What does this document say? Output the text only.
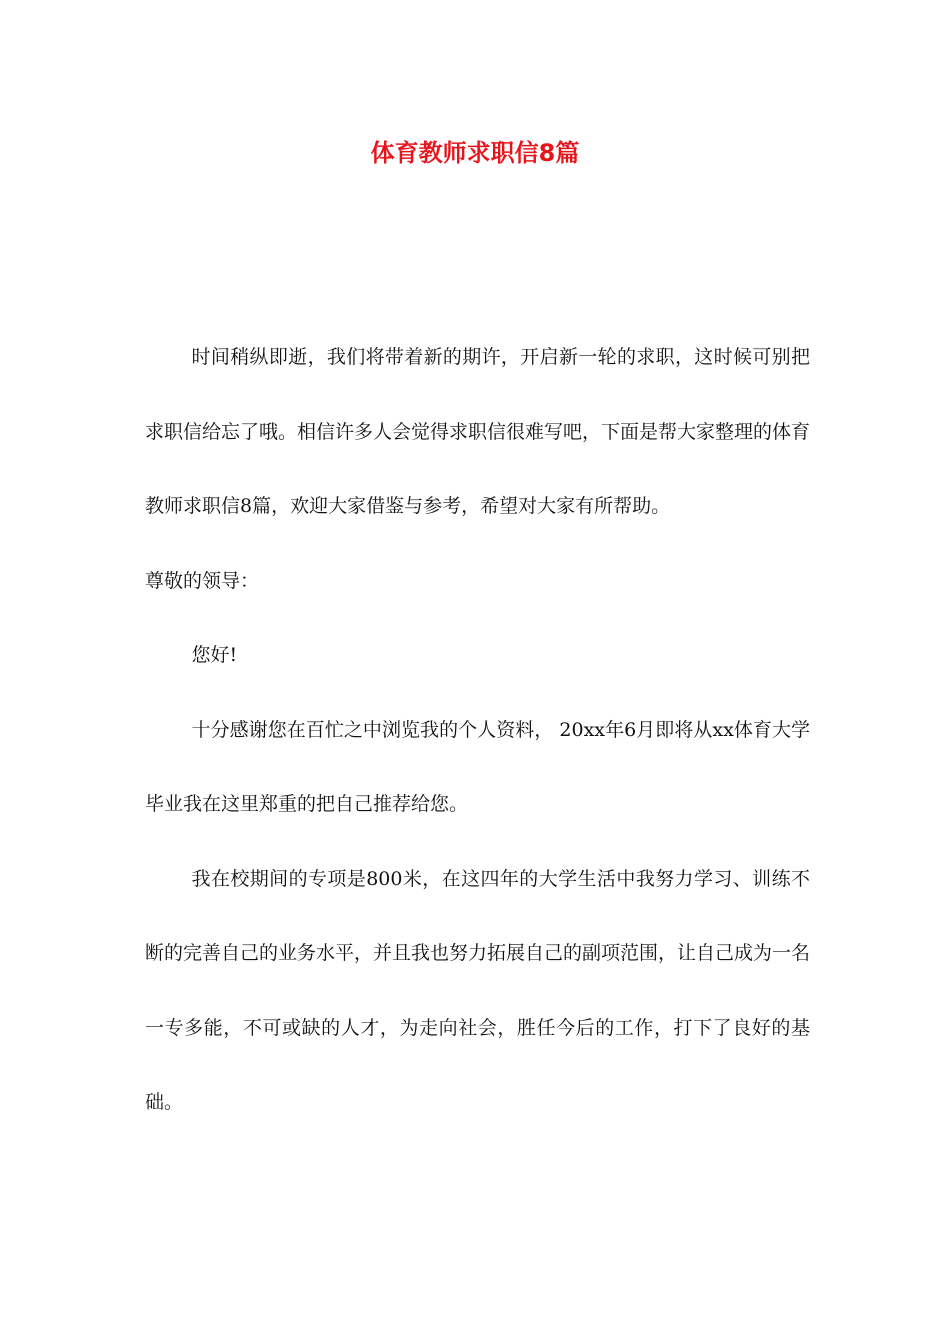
体育教师求职信8篇

时间稍纵即逝，我们将带着新的期许，开启新一轮的求职，这时候可别把求职信给忘了哦。相信许多人会觉得求职信很难写吧，下面是帮大家整理的体育教师求职信8篇，欢迎大家借鉴与参考，希望对大家有所帮助。

尊敬的领导：

您好!

十分感谢您在百忙之中浏览我的个人资料， 20xx年6月即将从xx体育大学毕业我在这里郑重的把自己推荐给您。

我在校期间的专项是800米，在这四年的大学生活中我努力学习、训练不断的完善自己的业务水平，并且我也努力拓展自己的副项范围，让自己成为一名一专多能，不可或缺的人才，为走向社会，胜任今后的工作，打下了良好的基础。
